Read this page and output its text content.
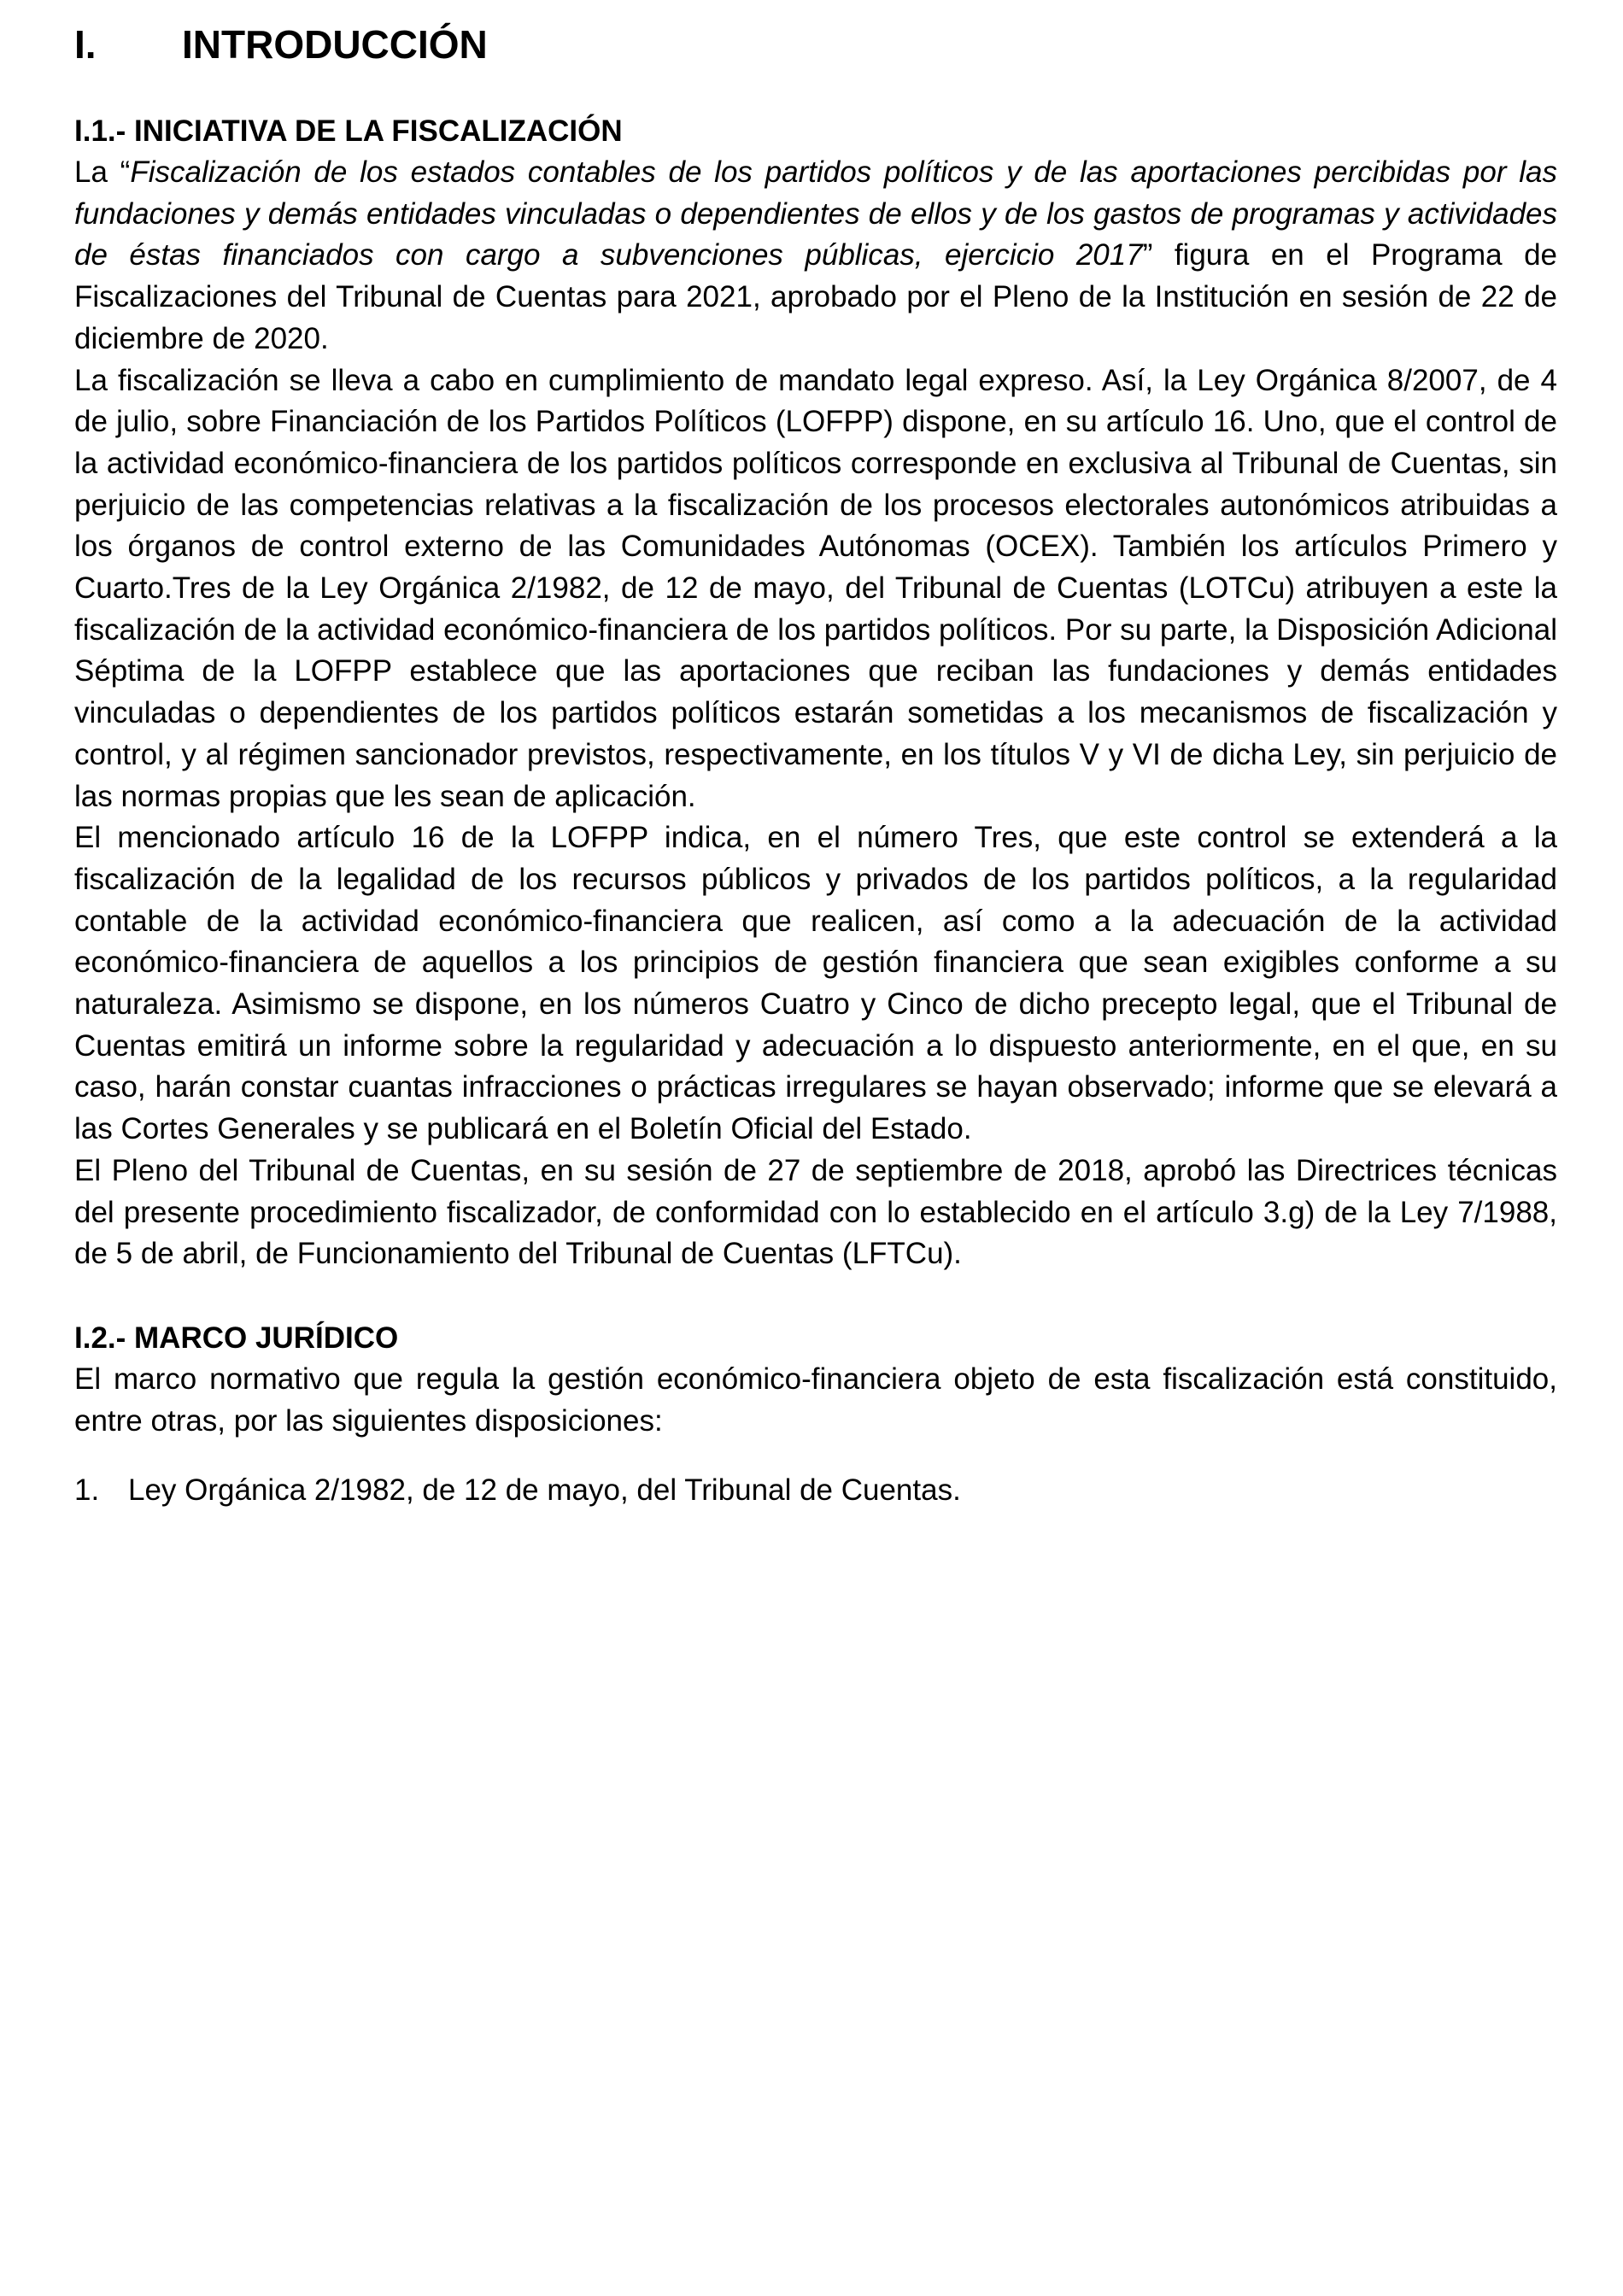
I. INTRODUCCIÓN
I.1.- INICIATIVA DE LA FISCALIZACIÓN

La “Fiscalización de los estados contables de los partidos políticos y de las aportaciones percibidas por las fundaciones y demás entidades vinculadas o dependientes de ellos y de los gastos de programas y actividades de éstas financiados con cargo a subvenciones públicas, ejercicio 2017” figura en el Programa de Fiscalizaciones del Tribunal de Cuentas para 2021, aprobado por el Pleno de la Institución en sesión de 22 de diciembre de 2020.

La fiscalización se lleva a cabo en cumplimiento de mandato legal expreso. Así, la Ley Orgánica 8/2007, de 4 de julio, sobre Financiación de los Partidos Políticos (LOFPP) dispone, en su artículo 16. Uno, que el control de la actividad económico-financiera de los partidos políticos corresponde en exclusiva al Tribunal de Cuentas, sin perjuicio de las competencias relativas a la fiscalización de los procesos electorales autonómicos atribuidas a los órganos de control externo de las Comunidades Autónomas (OCEX). También los artículos Primero y Cuarto.Tres de la Ley Orgánica 2/1982, de 12 de mayo, del Tribunal de Cuentas (LOTCu) atribuyen a este la fiscalización de la actividad económico-financiera de los partidos políticos. Por su parte, la Disposición Adicional Séptima de la LOFPP establece que las aportaciones que reciban las fundaciones y demás entidades vinculadas o dependientes de los partidos políticos estarán sometidas a los mecanismos de fiscalización y control, y al régimen sancionador previstos, respectivamente, en los títulos V y VI de dicha Ley, sin perjuicio de las normas propias que les sean de aplicación.

El mencionado artículo 16 de la LOFPP indica, en el número Tres, que este control se extenderá a la fiscalización de la legalidad de los recursos públicos y privados de los partidos políticos, a la regularidad contable de la actividad económico-financiera que realicen, así como a la adecuación de la actividad económico-financiera de aquellos a los principios de gestión financiera que sean exigibles conforme a su naturaleza. Asimismo se dispone, en los números Cuatro y Cinco de dicho precepto legal, que el Tribunal de Cuentas emitirá un informe sobre la regularidad y adecuación a lo dispuesto anteriormente, en el que, en su caso, harán constar cuantas infracciones o prácticas irregulares se hayan observado; informe que se elevará a las Cortes Generales y se publicará en el Boletín Oficial del Estado.

El Pleno del Tribunal de Cuentas, en su sesión de 27 de septiembre de 2018, aprobó las Directrices técnicas del presente procedimiento fiscalizador, de conformidad con lo establecido en el artículo 3.g) de la Ley 7/1988, de 5 de abril, de Funcionamiento del Tribunal de Cuentas (LFTCu).

I.2.- MARCO JURÍDICO

El marco normativo que regula la gestión económico-financiera objeto de esta fiscalización está constituido, entre otras, por las siguientes disposiciones:

1. Ley Orgánica 2/1982, de 12 de mayo, del Tribunal de Cuentas.
